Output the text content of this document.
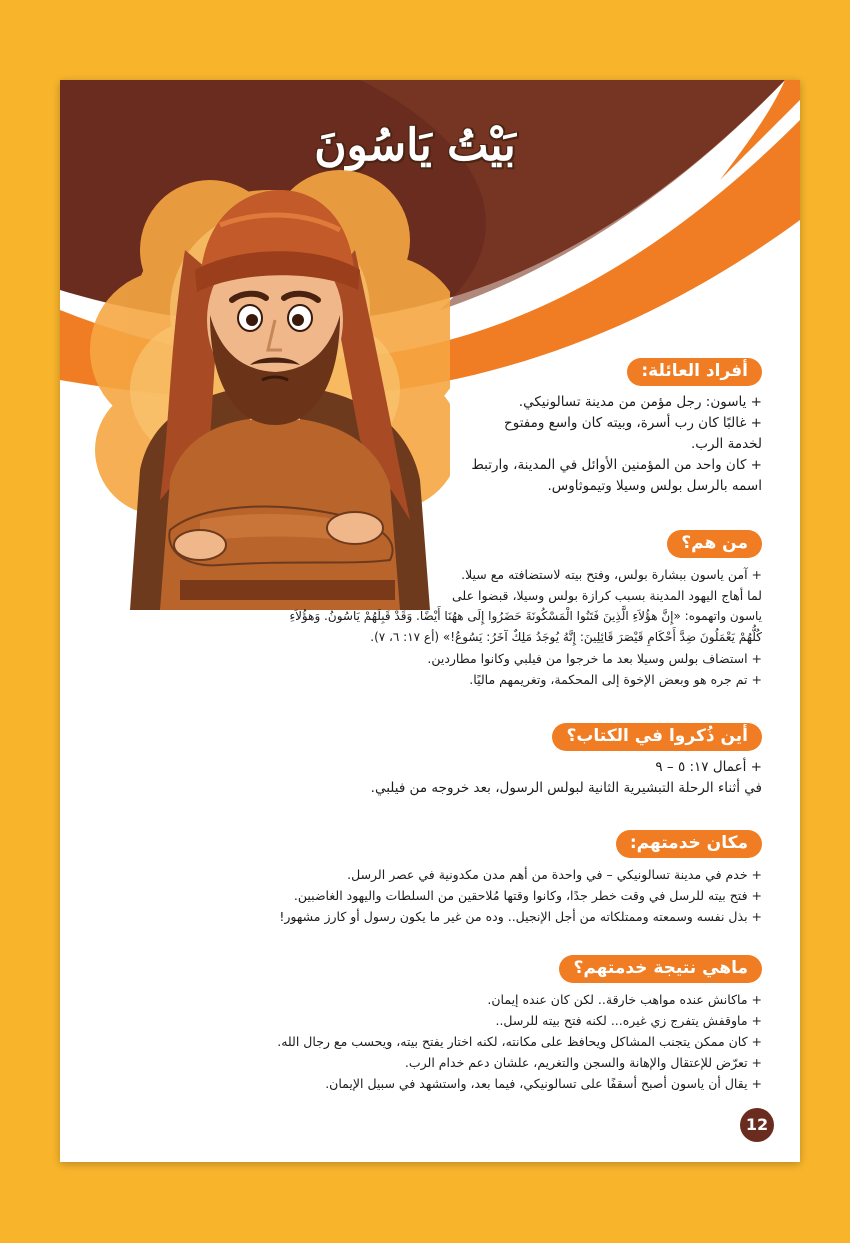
بَيْتُ يَاسُونَ
أفراد العائلة:
+ ياسون: رجل مؤمن من مدينة تسالونيكي.
+ غالبًا كان رب أسرة، وبيته كان واسع ومفتوح
لخدمة الرب.
+ كان واحد من المؤمنين الأوائل في المدينة، وارتبط
اسمه بالرسل بولس وسيلا وتيموثاوس.
من هم؟
+ آمن ياسون ببشارة بولس، وفتح بيته لاستضافته مع سيلا.
لما أهاج اليهود المدينة بسبب كرازة بولس وسيلا، قبضوا على
ياسون واتهموه: «إِنَّ هؤُلاَءِ الَّذِينَ فَتَنُوا الْمَسْكُونَةَ حَضَرُوا إِلَى ههُنَا أَيْضًا. وَقَدْ قَبِلَهُمْ يَاسُونُ. وَهؤُلاَءِ
كُلُّهُمْ يَعْمَلُونَ ضِدَّ أَحْكَامِ قَيْصَرَ قَائِلِينَ: إِنَّهُ يُوجَدُ مَلِكٌ آخَرُ: يَسُوعُ!» (أع ١٧: ٦، ٧).
+ استضاف بولس وسيلا بعد ما خرجوا من فيلبي وكانوا مطاردين.
+ تم جره هو وبعض الإخوة إلى المحكمة، وتغريمهم ماليًا.
أين ذُكروا في الكتاب؟
+ أعمال ١٧: ٥ – ٩
في أثناء الرحلة التبشيرية الثانية لبولس الرسول، بعد خروجه من فيلبي.
مكان خدمتهم:
+ خدم في مدينة تسالونيكي – في واحدة من أهم مدن مكدونية في عصر الرسل.
+ فتح بيته للرسل في وقت خطر جدًا، وكانوا وقتها مُلاحقين من السلطات واليهود الغاضبين.
+ بذل نفسه وسمعته وممتلكاته من أجل الإنجيل.. وده من غير ما يكون رسول أو كارز مشهور!
ماهي نتيجة خدمتهم؟
+ ماكانش عنده مواهب خارقة.. لكن كان عنده إيمان.
+ ماوقفش يتفرج زي غيره... لكنه فتح بيته للرسل..
+ كان ممكن يتجنب المشاكل ويحافظ على مكانته، لكنه اختار يفتح بيته، ويحسب مع رجال الله.
+ تعرّض للإعتقال والإهانة والسجن والتغريم، علشان دعم خدام الرب.
+ يقال أن ياسون أصبح أسقفًا على تسالونيكي، فيما بعد، واستشهد في سبيل الإيمان.
12
